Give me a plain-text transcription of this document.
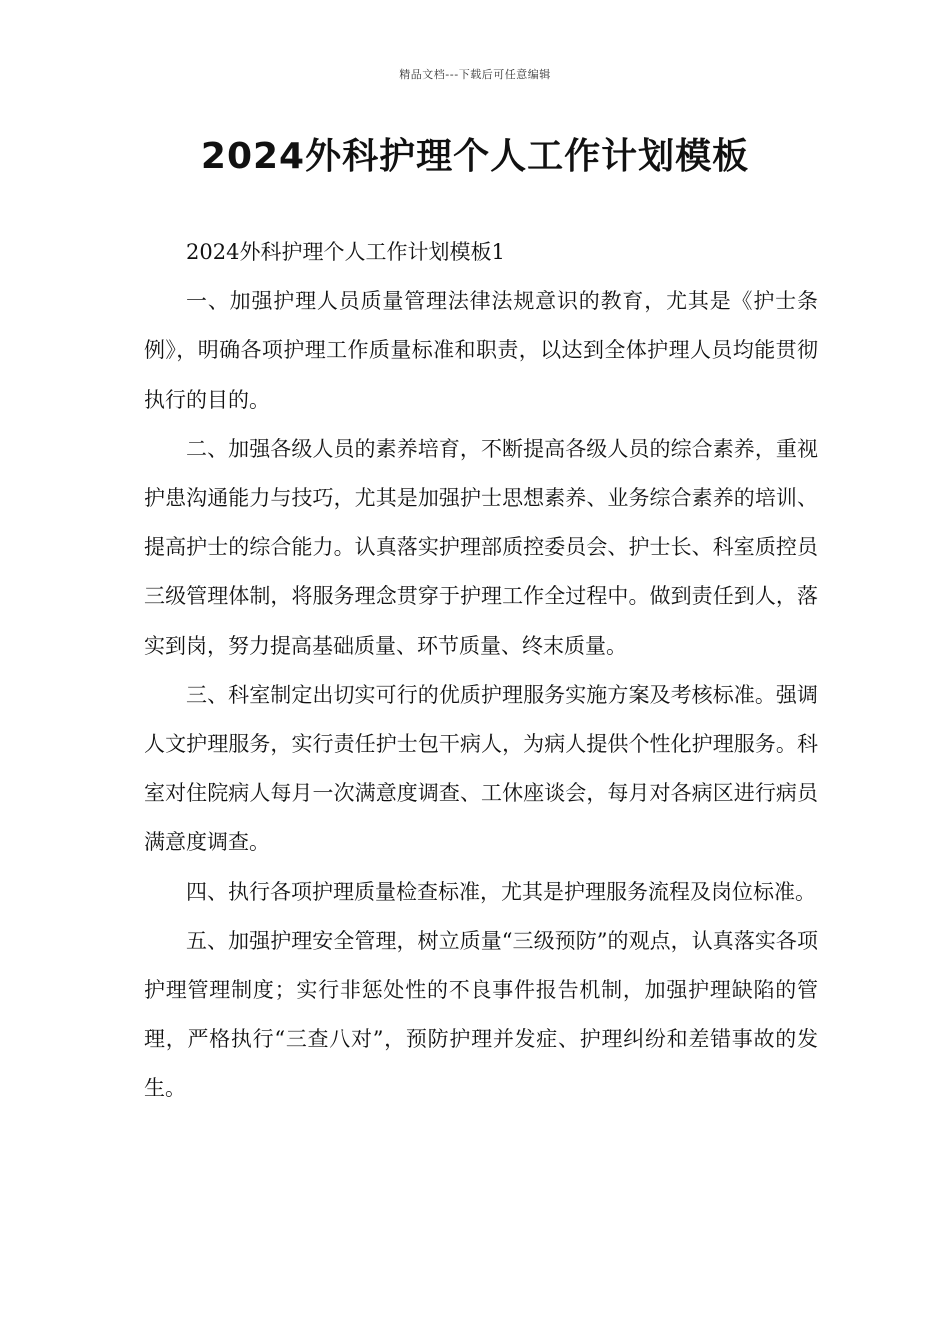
精品文档---下载后可任意编辑
2024外科护理个人工作计划模板

2024外科护理个人工作计划模板1

一、加强护理人员质量管理法律法规意识的教育，尤其是《护士条例》，明确各项护理工作质量标准和职责，以达到全体护理人员均能贯彻执行的目的。

二、加强各级人员的素养培育，不断提高各级人员的综合素养，重视护患沟通能力与技巧，尤其是加强护士思想素养、业务综合素养的培训、提高护士的综合能力。认真落实护理部质控委员会、护士长、科室质控员三级管理体制，将服务理念贯穿于护理工作全过程中。做到责任到人，落实到岗，努力提高基础质量、环节质量、终末质量。

三、科室制定出切实可行的优质护理服务实施方案及考核标准。强调人文护理服务，实行责任护士包干病人，为病人提供个性化护理服务。科室对住院病人每月一次满意度调查、工休座谈会，每月对各病区进行病员满意度调查。

四、执行各项护理质量检查标准，尤其是护理服务流程及岗位标准。

五、加强护理安全管理，树立质量“三级预防”的观点，认真落实各项护理管理制度；实行非惩处性的不良事件报告机制，加强护理缺陷的管理，严格执行“三查八对”，预防护理并发症、护理纠纷和差错事故的发生。
